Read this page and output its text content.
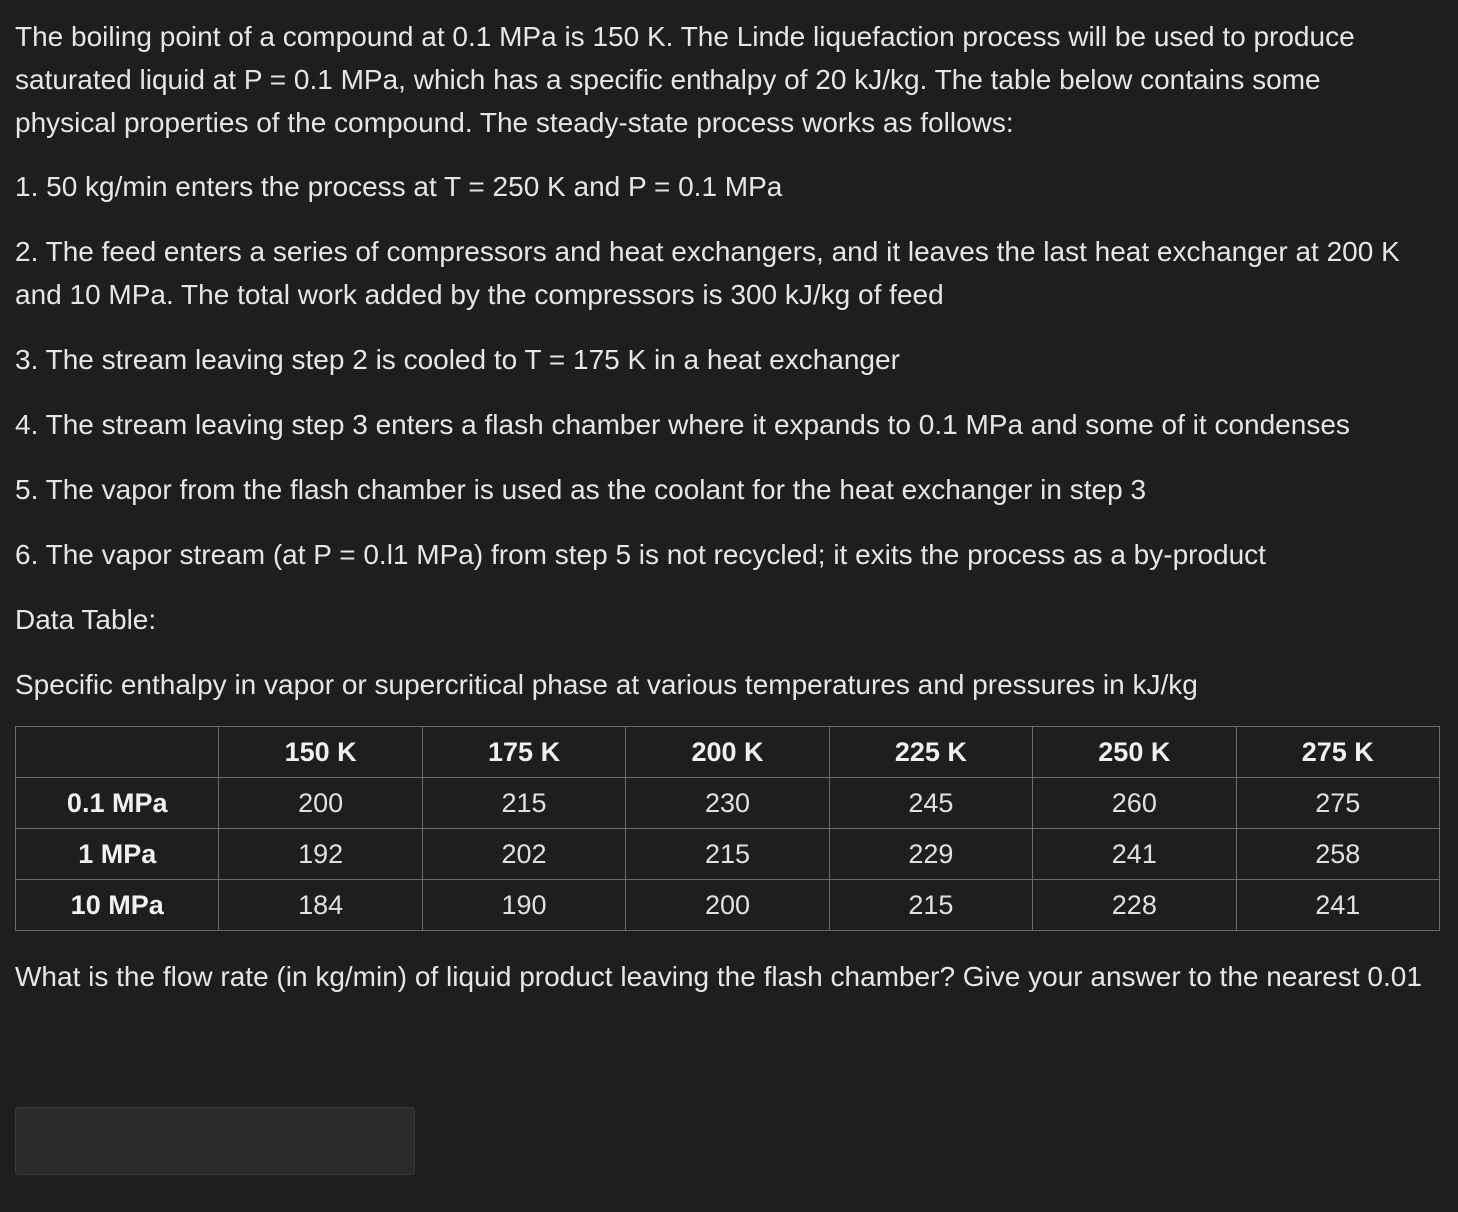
The boiling point of a compound at 0.1 MPa is 150 K. The Linde liquefaction process will be used to produce saturated liquid at P = 0.1 MPa, which has a specific enthalpy of 20 kJ/kg. The table below contains some physical properties of the compound. The steady-state process works as follows:

1. 50 kg/min enters the process at T = 250 K and P = 0.1 MPa

2. The feed enters a series of compressors and heat exchangers, and it leaves the last heat exchanger at 200 K and 10 MPa. The total work added by the compressors is 300 kJ/kg of feed

3. The stream leaving step 2 is cooled to T = 175 K in a heat exchanger

4. The stream leaving step 3 enters a flash chamber where it expands to 0.1 MPa and some of it condenses

5. The vapor from the flash chamber is used as the coolant for the heat exchanger in step 3

6. The vapor stream (at P = 0.l1 MPa) from step 5 is not recycled; it exits the process as a by-product

Data Table:
Specific enthalpy in vapor or supercritical phase at various temperatures and pressures in kJ/kg
	150 K	175 K	200 K	225 K	250 K	275 K
0.1 MPa	200	215	230	245	260	275
1 MPa	192	202	215	229	241	258
10 MPa	184	190	200	215	228	241

What is the flow rate (in kg/min) of liquid product leaving the flash chamber? Give your answer to the nearest 0.01
